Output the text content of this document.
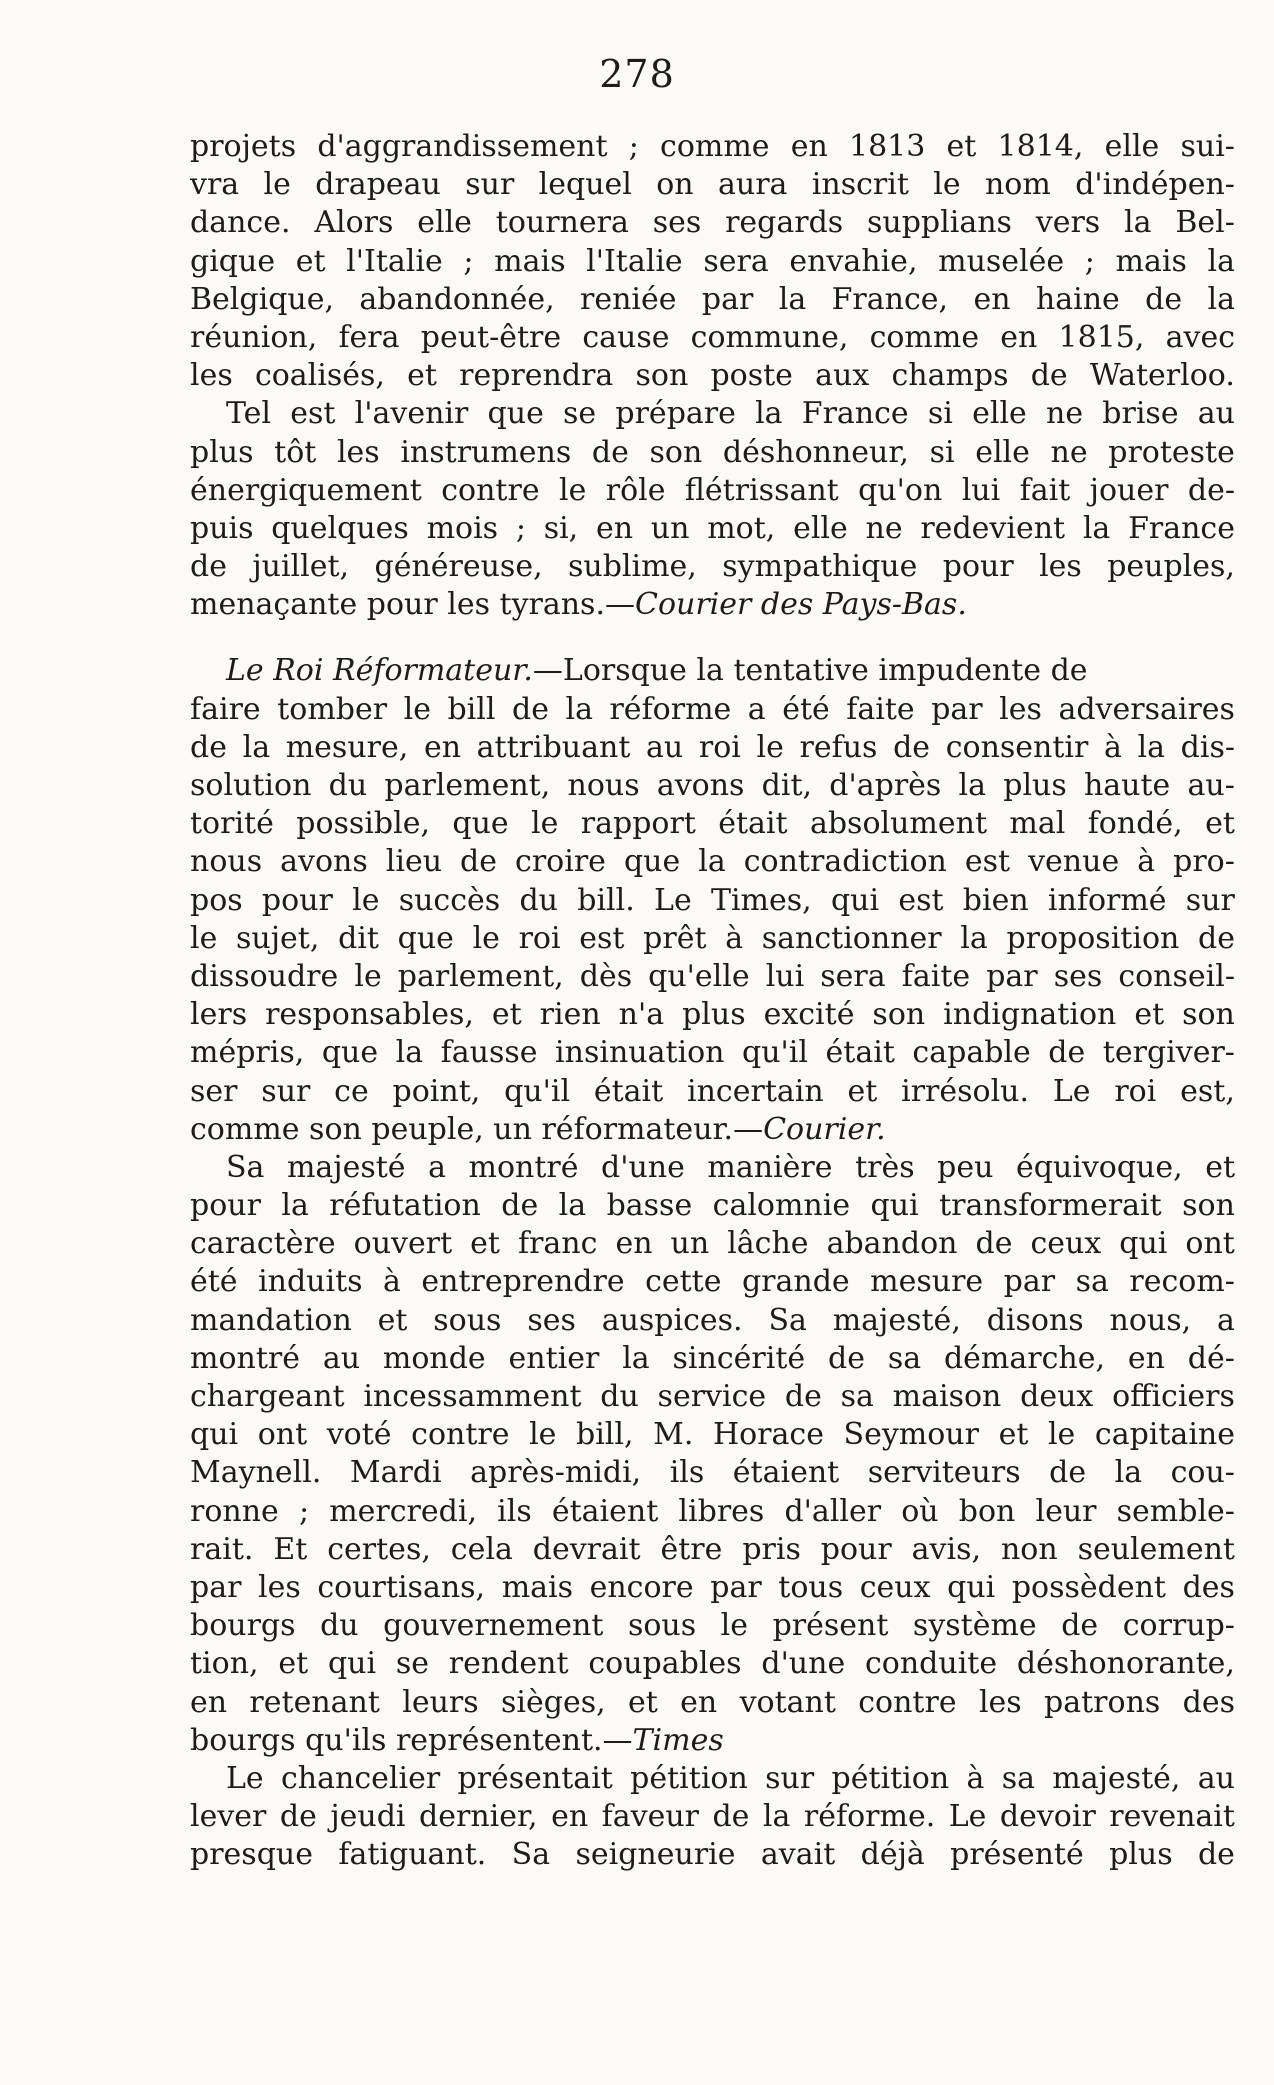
278
projets d'aggrandissement ; comme en 1813 et 1814, elle sui-
vra le drapeau sur lequel on aura inscrit le nom d'indépen-
dance. Alors elle tournera ses regards supplians vers la Bel-
gique et l'Italie ; mais l'Italie sera envahie, muselée ; mais la
Belgique, abandonnée, reniée par la France, en haine de la
réunion, fera peut-être cause commune, comme en 1815, avec
les coalisés, et reprendra son poste aux champs de Waterloo.
Tel est l'avenir que se prépare la France si elle ne brise au
plus tôt les instrumens de son déshonneur, si elle ne proteste
énergiquement contre le rôle flétrissant qu'on lui fait jouer de-
puis quelques mois ; si, en un mot, elle ne redevient la France
de juillet, généreuse, sublime, sympathique pour les peuples,
menaçante pour les tyrans.— Courier des Pays-Bas.
Le Roi Réformateur. —Lorsque la tentative impudente de
faire tomber le bill de la réforme a été faite par les adversaires
de la mesure, en attribuant au roi le refus de consentir à la dis-
solution du parlement, nous avons dit, d'après la plus haute au-
torité possible, que le rapport était absolument mal fondé, et
nous avons lieu de croire que la contradiction est venue à pro-
pos pour le succès du bill. Le Times, qui est bien informé sur
le sujet, dit que le roi est prêt à sanctionner la proposition de
dissoudre le parlement, dès qu'elle lui sera faite par ses conseil-
lers responsables, et rien n'a plus excité son indignation et son
mépris, que la fausse insinuation qu'il était capable de tergiver-
ser sur ce point, qu'il était incertain et irrésolu. Le roi est,
comme son peuple, un réformateur.— Courier.
Sa majesté a montré d'une manière très peu équivoque, et
pour la réfutation de la basse calomnie qui transformerait son
caractère ouvert et franc en un lâche abandon de ceux qui ont
été induits à entreprendre cette grande mesure par sa recom-
mandation et sous ses auspices. Sa majesté, disons nous, a
montré au monde entier la sincérité de sa démarche, en dé-
chargeant incessamment du service de sa maison deux officiers
qui ont voté contre le bill, M. Horace Seymour et le capitaine
Maynell. Mardi après-midi, ils étaient serviteurs de la cou-
ronne ; mercredi, ils étaient libres d'aller où bon leur semble-
rait. Et certes, cela devrait être pris pour avis, non seulement
par les courtisans, mais encore par tous ceux qui possèdent des
bourgs du gouvernement sous le présent système de corrup-
tion, et qui se rendent coupables d'une conduite déshonorante,
en retenant leurs sièges, et en votant contre les patrons des
bourgs qu'ils représentent.— Times
Le chancelier présentait pétition sur pétition à sa majesté, au
lever de jeudi dernier, en faveur de la réforme. Le devoir revenait
presque fatiguant. Sa seigneurie avait déjà présenté plus de
